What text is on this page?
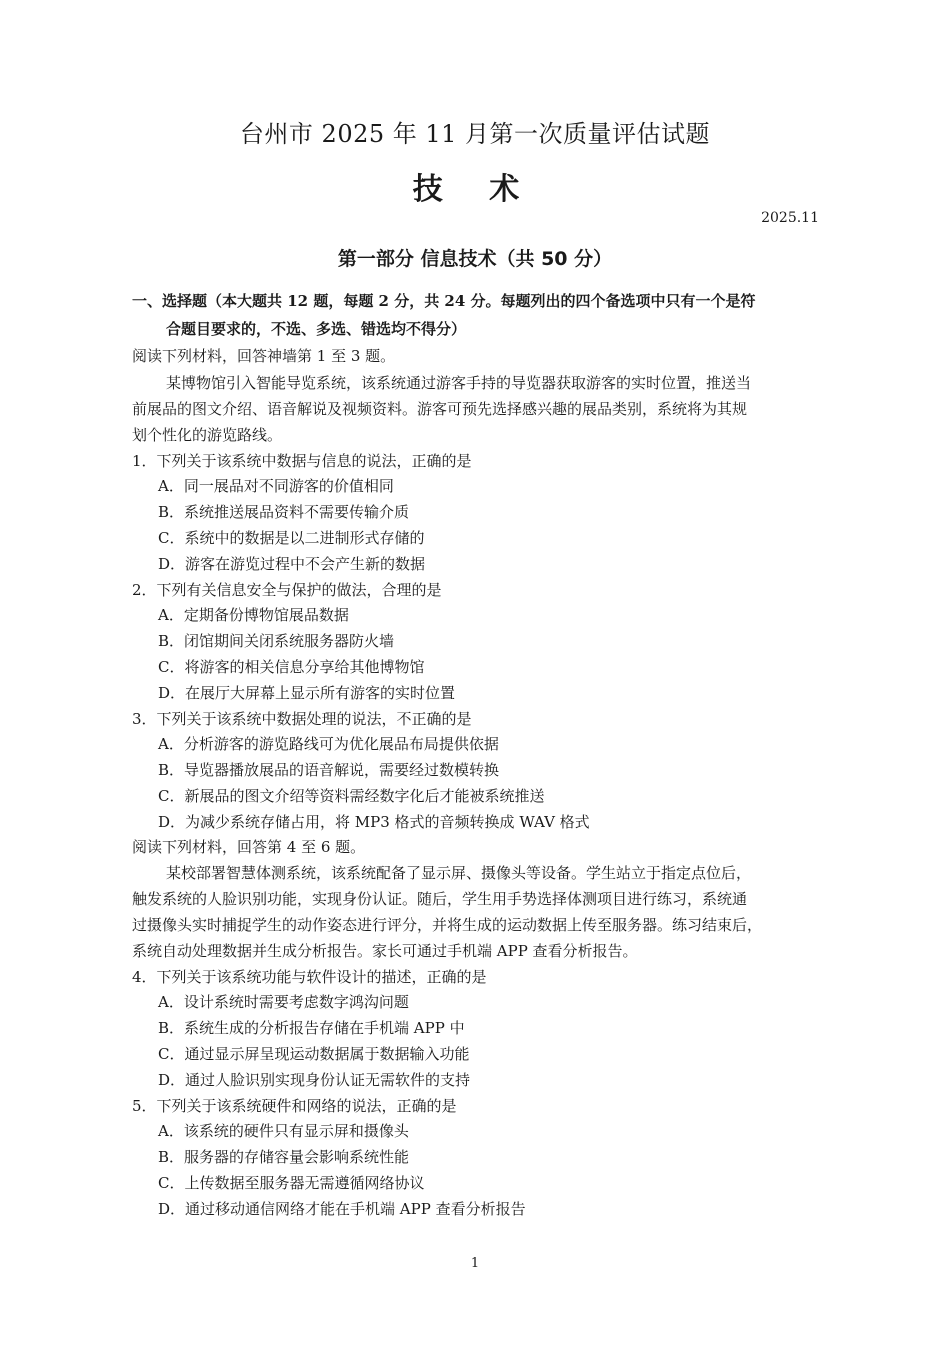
台州市 2025 年 11 月第一次质量评估试题
技 术
2025.11
第一部分 信息技术（共 50 分）
一、选择题（本大题共 12 题，每题 2 分，共 24 分。每题列出的四个备选项中只有一个是符
合题目要求的，不选、多选、错选均不得分）
阅读下列材料，回答神墙第 1 至 3 题。
某博物馆引入智能导览系统，该系统通过游客手持的导览器获取游客的实时位置，推送当
前展品的图文介绍、语音解说及视频资料。游客可预先选择感兴趣的展品类别，系统将为其规
划个性化的游览路线。
1．下列关于该系统中数据与信息的说法，正确的是
A．同一展品对不同游客的价值相同
B．系统推送展品资料不需要传输介质
C．系统中的数据是以二进制形式存储的
D．游客在游览过程中不会产生新的数据
2．下列有关信息安全与保护的做法，合理的是
A．定期备份博物馆展品数据
B．闭馆期间关闭系统服务器防火墙
C．将游客的相关信息分享给其他博物馆
D．在展厅大屏幕上显示所有游客的实时位置
3．下列关于该系统中数据处理的说法，不正确的是
A．分析游客的游览路线可为优化展品布局提供依据
B．导览器播放展品的语音解说，需要经过数模转换
C．新展品的图文介绍等资料需经数字化后才能被系统推送
D．为减少系统存储占用，将 MP3 格式的音频转换成 WAV 格式
阅读下列材料，回答第 4 至 6 题。
某校部署智慧体测系统，该系统配备了显示屏、摄像头等设备。学生站立于指定点位后，
触发系统的人脸识别功能，实现身份认证。随后，学生用手势选择体测项目进行练习，系统通
过摄像头实时捕捉学生的动作姿态进行评分，并将生成的运动数据上传至服务器。练习结束后，
系统自动处理数据并生成分析报告。家长可通过手机端 APP 查看分析报告。
4．下列关于该系统功能与软件设计的描述，正确的是
A．设计系统时需要考虑数字鸿沟问题
B．系统生成的分析报告存储在手机端 APP 中
C．通过显示屏呈现运动数据属于数据输入功能
D．通过人脸识别实现身份认证无需软件的支持
5．下列关于该系统硬件和网络的说法，正确的是
A．该系统的硬件只有显示屏和摄像头
B．服务器的存储容量会影响系统性能
C．上传数据至服务器无需遵循网络协议
D．通过移动通信网络才能在手机端 APP 查看分析报告
1
